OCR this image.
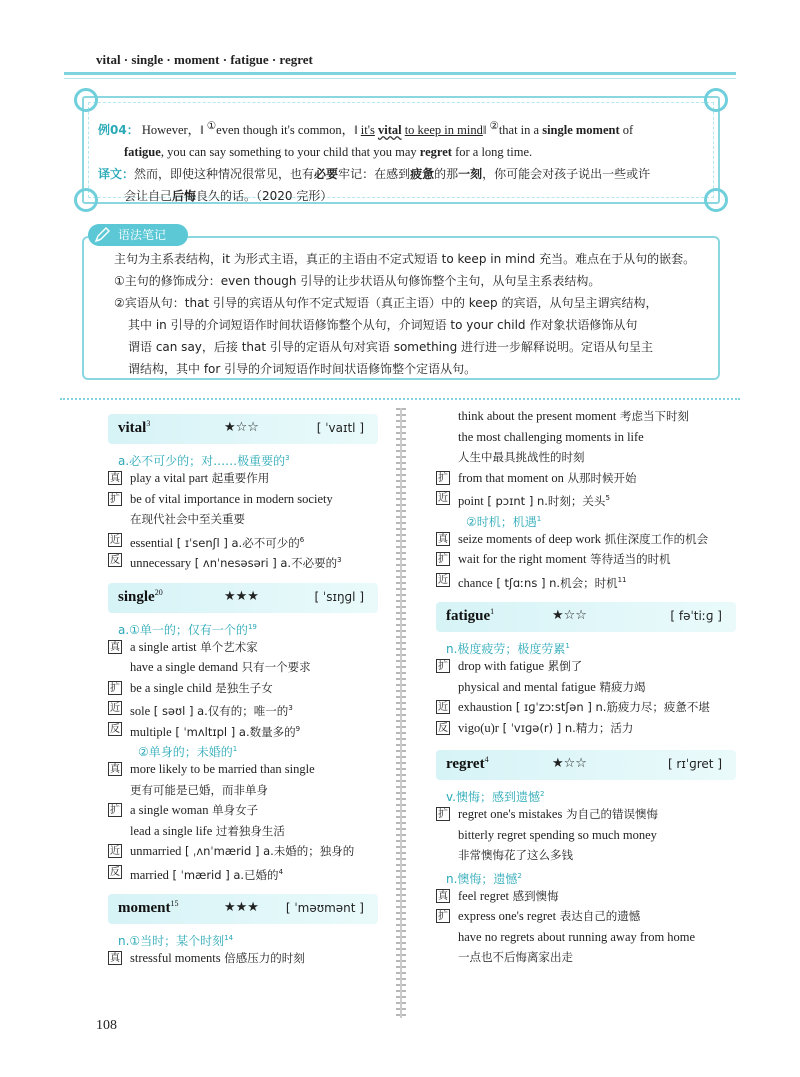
vital · single · moment · fatigue · regret
例04： However，‖ ①even though it's common，‖ it's vital to keep in mind‖ ②that in a single moment of
fatigue, you can say something to your child that you may regret for a long time.
译文：然而，即使这种情况很常见，也有必要牢记：在感到疲惫的那一刻，你可能会对孩子说出一些或许
会让自己后悔良久的话。（2020 完形）
语法笔记

主句为主系表结构，it 为形式主语，真正的主语由不定式短语 to keep in mind 充当。难点在于从句的嵌套。

①主句的修饰成分：even though 引导的让步状语从句修饰整个主句，从句呈主系表结构。

②宾语从句：that 引导的宾语从句作不定式短语（真正主语）中的 keep 的宾语，从句呈主谓宾结构，

其中 in 引导的介词短语作时间状语修饰整个从句，介词短语 to your child 作对象状语修饰从句

谓语 can say，后接 that 引导的定语从句对宾语 something 进行进一步解释说明。定语从句呈主

谓结构，其中 for 引导的介词短语作时间状语修饰整个定语从句。

vital$^3$	★☆☆	[ ˈvaɪtl ]
a.必不可少的；对……极重要的$^3$
真 play a vital part 起重要作用
扩 be of vital importance in modern society
在现代社会中至关重要
近 essential [ ɪˈsenʃl ] a.必不可少的$^6$
反 unnecessary [ ʌnˈnesəsəri ] a.不必要的$^3$
single$^{20}$	★★★	[ ˈsɪŋɡl ]
a.①单一的；仅有一个的$^{19}$
真 a single artist 单个艺术家
have a single demand 只有一个要求
扩 be a single child 是独生子女
近 sole [ səʊl ] a.仅有的；唯一的$^3$
反 multiple [ ˈmʌltɪpl ] a.数量多的$^9$
②单身的；未婚的$^1$
真 more likely to be married than single
更有可能是已婚，而非单身
扩 a single woman 单身女子
lead a single life 过着独身生活
近 unmarried [ ˌʌnˈmærid ] a.未婚的；独身的
反 married [ ˈmærid ] a.已婚的$^4$
moment$^{15}$	★★★ [ ˈməʊmənt ]
n.①当时；某个时刻$^{14}$
真 stressful moments 倍感压力的时刻
think about the present moment 考虑当下时刻
the most challenging moments in life
人生中最具挑战性的时刻
扩 from that moment on 从那时候开始
近 point [ pɔɪnt ] n.时刻；关头$^5$
②时机；机遇$^1$
真 seize moments of deep work 抓住深度工作的机会
扩 wait for the right moment 等待适当的时机
近 chance [ tʃɑːns ] n.机会；时机$^{11}$
fatigue$^1$	★☆☆	[ fəˈtiːɡ ]
n.极度疲劳；极度劳累$^1$
扩 drop with fatigue 累倒了
physical and mental fatigue 精疲力竭
近 exhaustion [ ɪɡˈzɔːstʃən ] n.筋疲力尽；疲惫不堪
反 vigo(u)r [ ˈvɪɡə(r) ] n.精力；活力
regret$^4$	★☆☆	[ rɪˈɡret ]
v.懊悔；感到遗憾$^2$
扩 regret one's mistakes 为自己的错误懊悔
bitterly regret spending so much money
非常懊悔花了这么多钱
n.懊悔；遗憾$^2$
真 feel regret 感到懊悔
扩 express one's regret 表达自己的遗憾
have no regrets about running away from home
一点也不后悔离家出走
108
